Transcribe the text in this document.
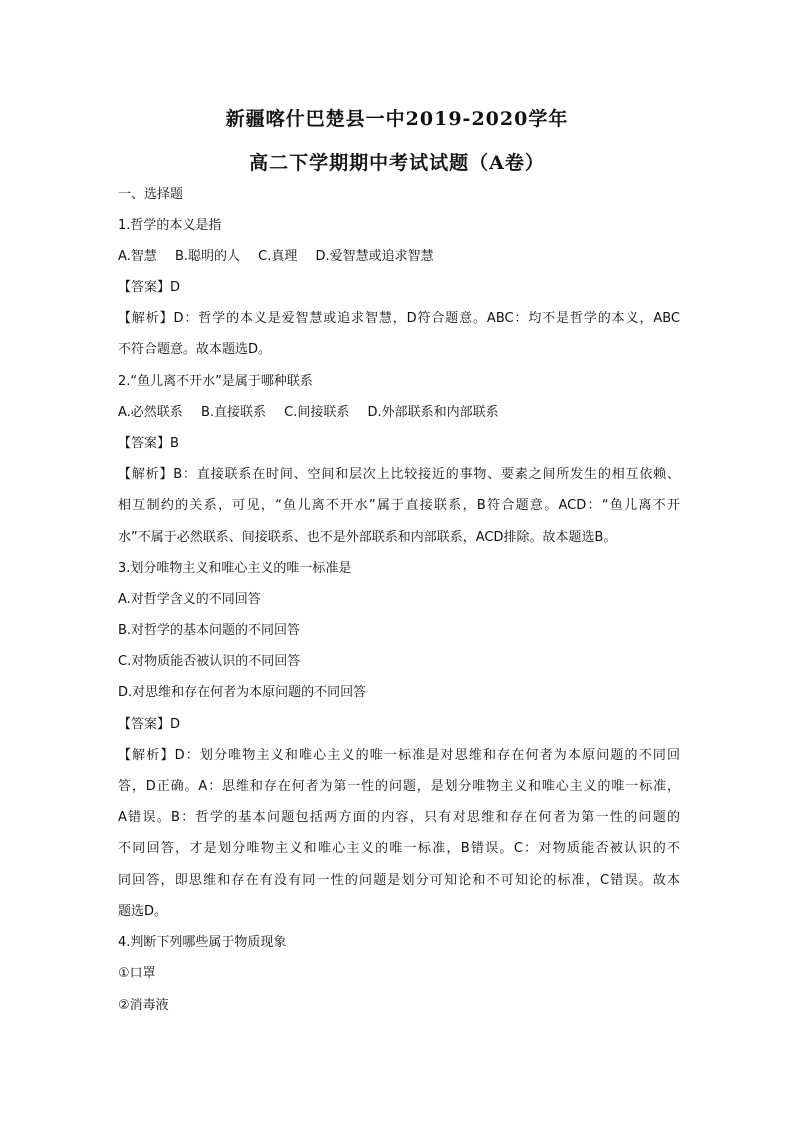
新疆喀什巴楚县一中2019-2020学年
高二下学期期中考试试题（A卷）
一、选择题
1.哲学的本义是指
A.智慧 B.聪明的人 C.真理 D.爱智慧或追求智慧
【答案】D
【解析】D：哲学的本义是爱智慧或追求智慧，D符合题意。ABC：均不是哲学的本义，ABC
不符合题意。故本题选D。
2.“鱼儿离不开水”是属于哪种联系
A.必然联系 B.直接联系 C.间接联系 D.外部联系和内部联系
【答案】B
【解析】B：直接联系在时间、空间和层次上比较接近的事物、要素之间所发生的相互依赖、
相互制约的关系，可见，“鱼儿离不开水”属于直接联系，B符合题意。ACD：“鱼儿离不开
水”不属于必然联系、间接联系、也不是外部联系和内部联系，ACD排除。故本题选B。
3.划分唯物主义和唯心主义的唯一标准是
A.对哲学含义的不同回答
B.对哲学的基本问题的不同回答
C.对物质能否被认识的不同回答
D.对思维和存在何者为本原问题的不同回答
【答案】D
【解析】D：划分唯物主义和唯心主义的唯一标准是对思维和存在何者为本原问题的不同回
答，D正确。A：思维和存在何者为第一性的问题，是划分唯物主义和唯心主义的唯一标准，
A错误。B：哲学的基本问题包括两方面的内容，只有对思维和存在何者为第一性的问题的
不同回答，才是划分唯物主义和唯心主义的唯一标准，B错误。C：对物质能否被认识的不
同回答，即思维和存在有没有同一性的问题是划分可知论和不可知论的标准，C错误。故本
题选D。
4.判断下列哪些属于物质现象
①口罩
②消毒液
